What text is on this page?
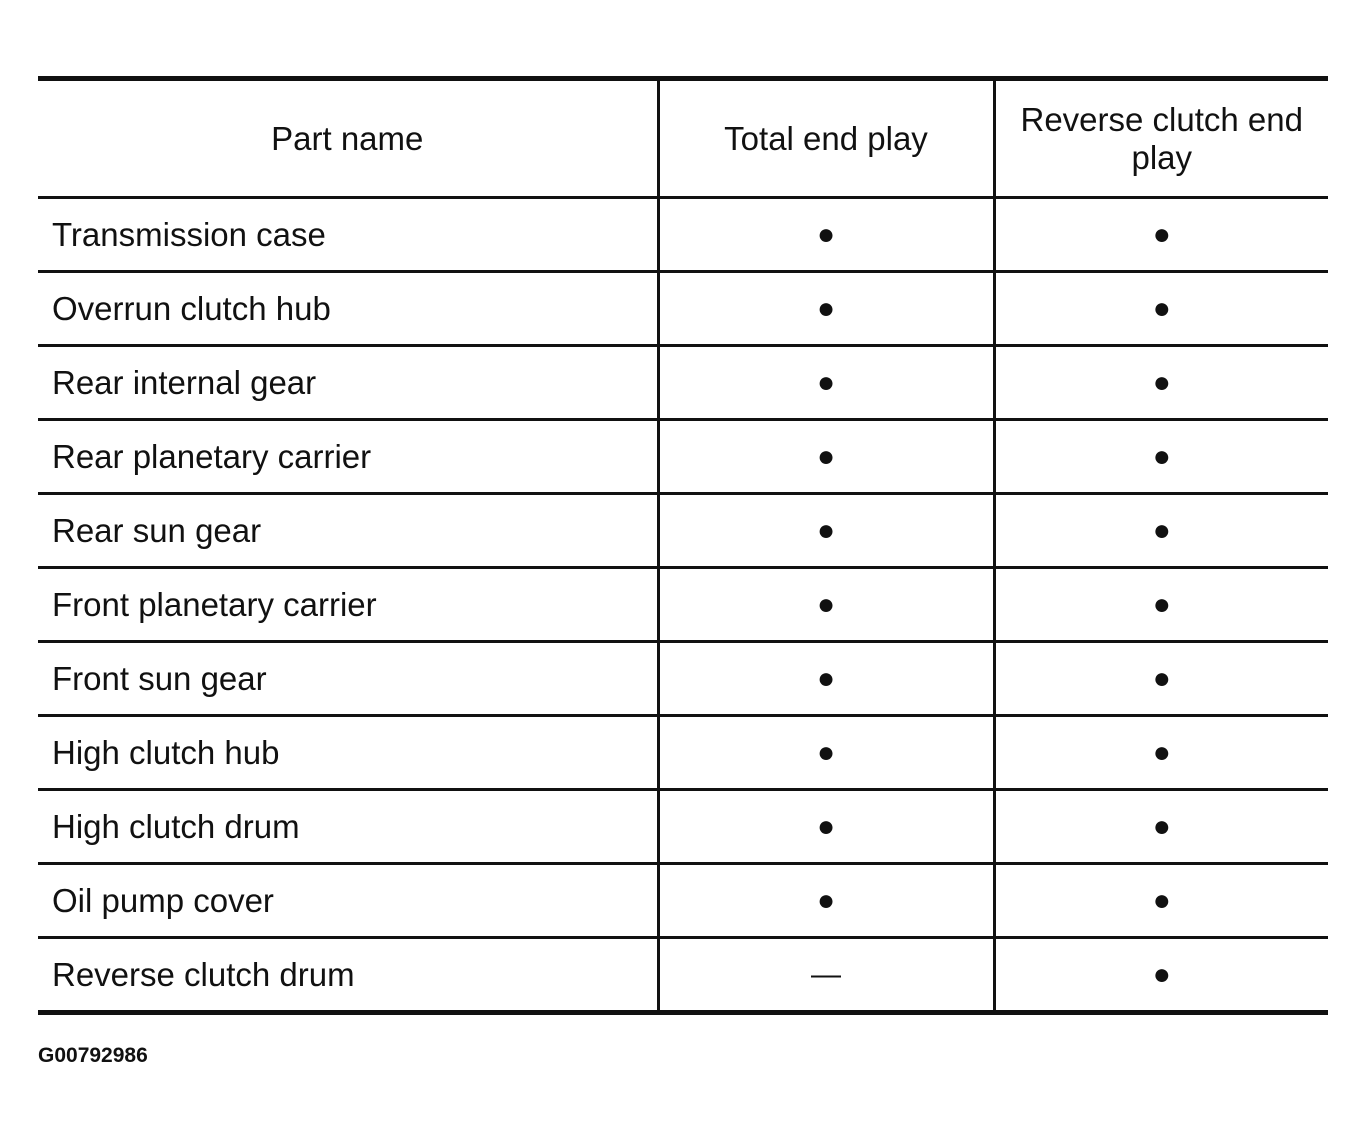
Part name	Total end play	Reverse clutch end play
Transmission case	●	●
Overrun clutch hub	●	●
Rear internal gear	●	●
Rear planetary carrier	●	●
Rear sun gear	●	●
Front planetary carrier	●	●
Front sun gear	●	●
High clutch hub	●	●
High clutch drum	●	●
Oil pump cover	●	●
Reverse clutch drum	—	●
G00792986
